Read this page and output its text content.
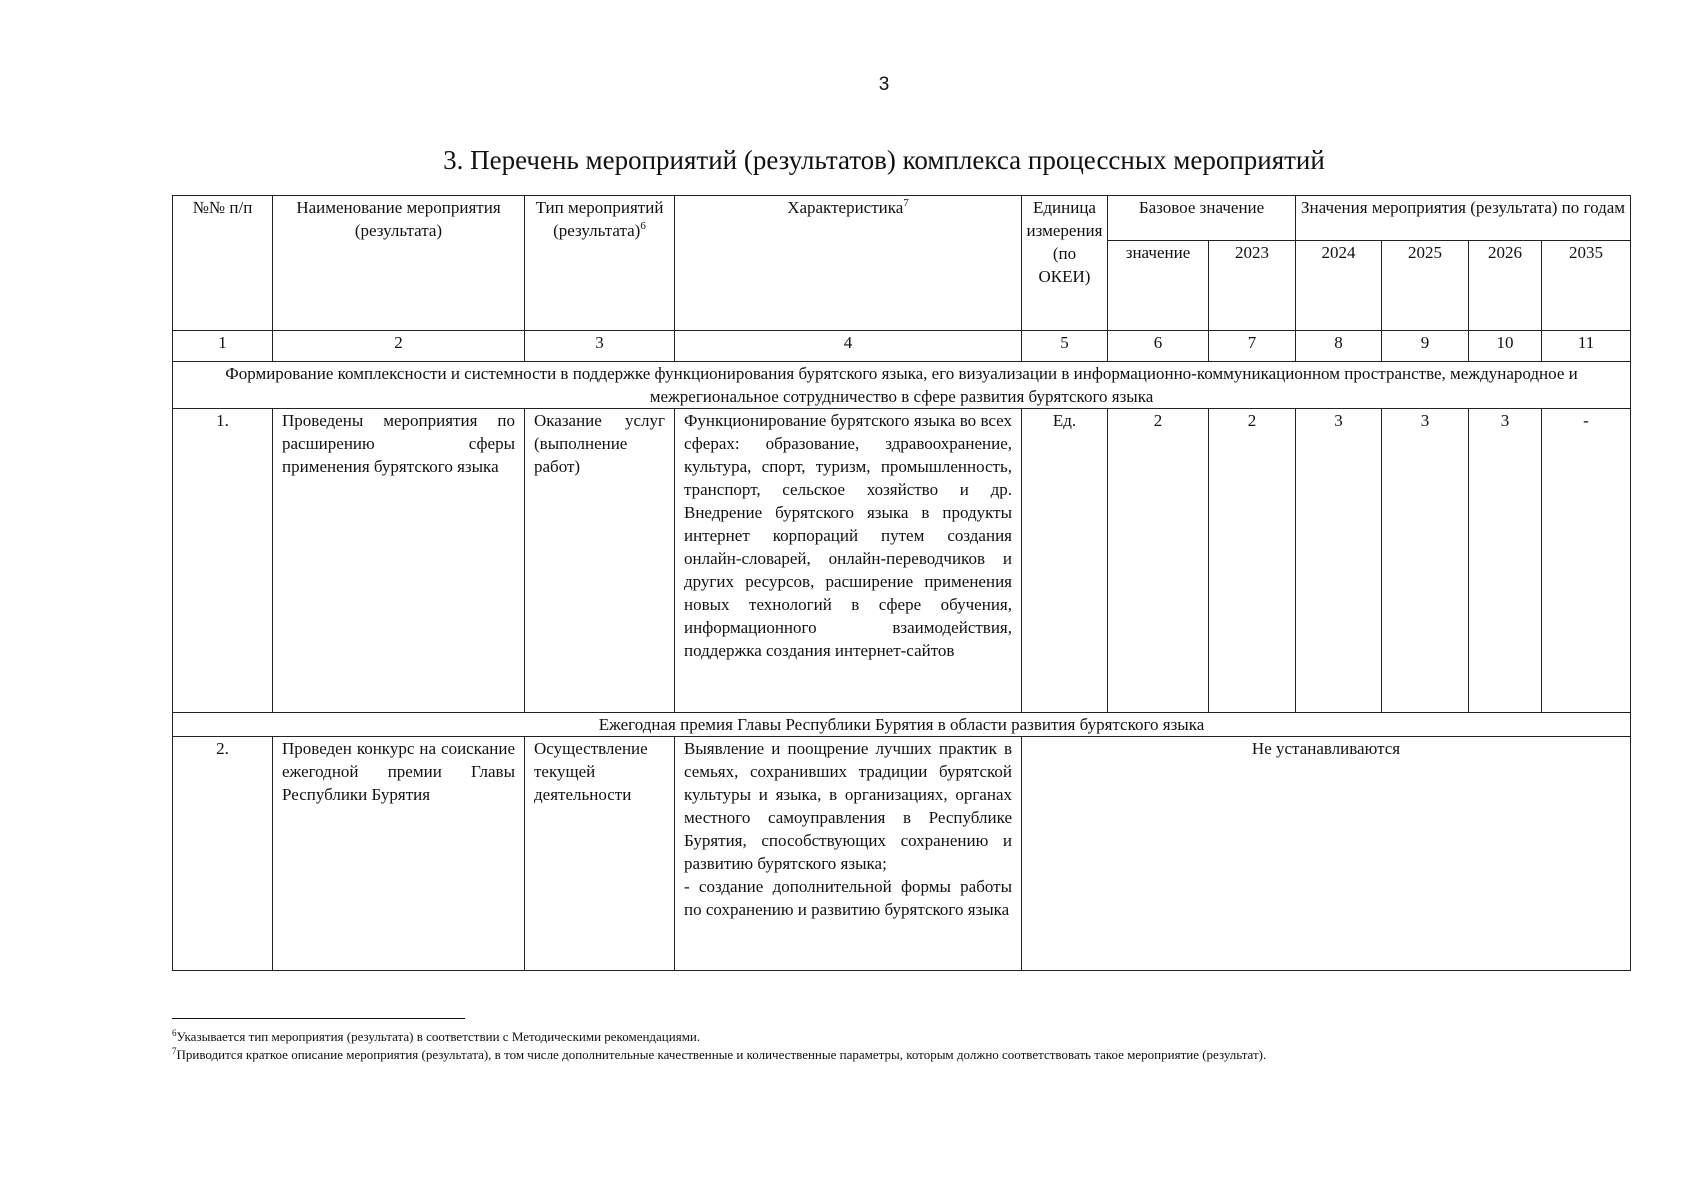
3
3. Перечень мероприятий (результатов) комплекса процессных мероприятий
№№ п/п	Наименование мероприятия (результата)	Тип мероприятий (результата)$^6$	Характеристика$^7$	Единица измерения (по ОКЕИ)	Базовое значение		Значения мероприятия (результата) по годам			
					значение	2023	2024	2025	2026	2035
1	2	3	4	5	6	7	8	9	10	11
Формирование комплексности и системности в поддержке функционирования бурятского языка, его визуализации в информационно-коммуникационном пространстве, международное и межрегиональное сотрудничество в сфере развития бурятского языка										
1.	Проведены мероприятия по расширению сферы применения бурятского языка	Оказание услуг (выполнение работ)	Функционирование бурятского языка во всех сферах: образование, здравоохранение, культура, спорт, туризм, промышленность, транспорт, сельское хозяйство и др. Внедрение бурятского языка в продукты интернет корпораций путем создания онлайн-словарей, онлайн-переводчиков и других ресурсов, расширение применения новых технологий в сфере обучения, информационного взаимодействия, поддержка создания интернет-сайтов	Ед.	2	2	3	3	3	-
Ежегодная премия Главы Республики Бурятия в области развития бурятского языка										
2.	Проведен конкурс на соискание ежегодной премии Главы Республики Бурятия	Осуществление текущей деятельности	Выявление и поощрение лучших практик в семьях, сохранивших традиции бурятской культуры и языка, в организациях, органах местного самоуправления в Республике Бурятия, способствующих сохранению и развитию бурятского языка;
- создание дополнительной формы работы по сохранению и развитию бурятского языка	Не устанавливаются						
$^6$Указывается тип мероприятия (результата) в соответствии с Методическими рекомендациями.
$^7$Приводится краткое описание мероприятия (результата), в том числе дополнительные качественные и количественные параметры, которым должно соответствовать такое мероприятие (результат).
